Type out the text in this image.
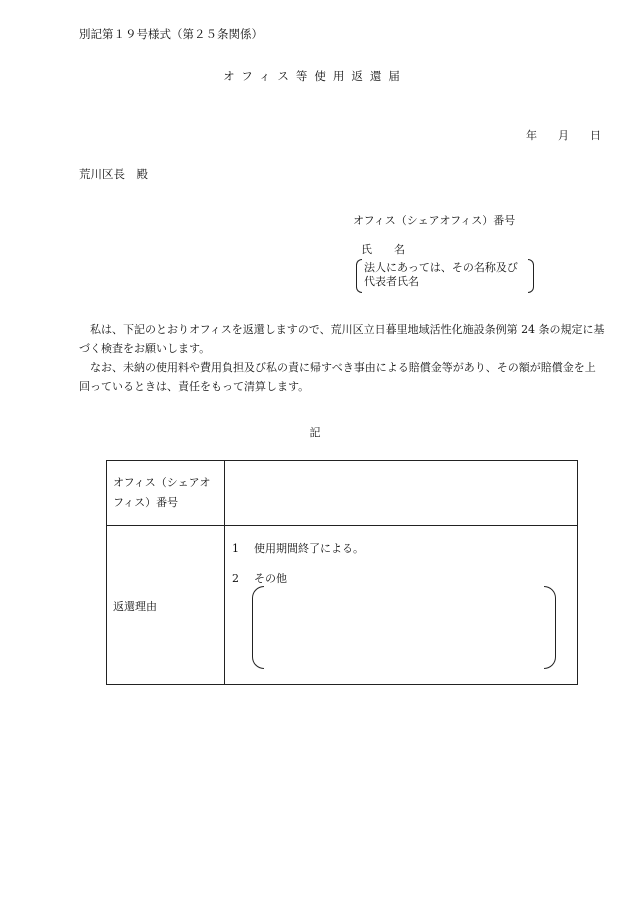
別記第１９号様式（第２５条関係）
オフィス等使用返還届
年 月 日
荒川区長　殿
オフィス（シェアオフィス）番号
氏 名
法人にあっては、その名称及び
代表者氏名

私は、下記のとおりオフィスを返還しますので、荒川区立日暮里地域活性化施設条例第 24 条の規定に基づく検査をお願いします。

なお、未納の使用料や費用負担及び私の責に帰すべき事由による賠償金等があり、その額が賠償金を上回っているときは、責任をもって清算します。

記
オフィス（シェアオフィス）番号
返還理由
1 使用期間終了による。
2 その他
